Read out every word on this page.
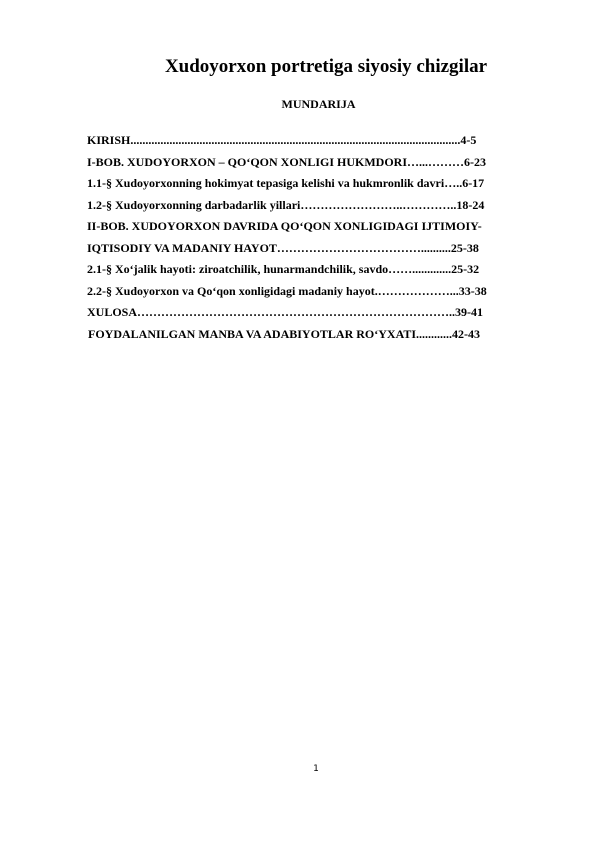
Xudoyorxon portretiga siyosiy chizgilar
MUNDARIJA
KIRISH..............................................................................................................4-5
I-BOB. XUDOYORXON – QO‘QON XONLIGI HUKMDORI…...………6-23
1.1-§ Xudoyorxonning hokimyat tepasiga kelishi va hukmronlik davri…..6-17
1.2-§ Xudoyorxonning darbadarlik yillari……………………..…………..18-24
II-BOB. XUDOYORXON DAVRIDA QO‘QON XONLIGIDAGI IJTIMOIY-
IQTISODIY VA MADANIY HAYOT………………………………..........25-38
2.1-§ Xo‘jalik hayoti: ziroatchilik, hunarmandchilik, savdo…….............25-32
2.2-§ Xudoyorxon va Qo‘qon xonligidagi madaniy hayot.………………...33-38
XULOSA……………………………………………………………………..39-41
FOYDALANILGAN MANBA VA ADABIYOTLAR RO‘YXATI............42-43
1
